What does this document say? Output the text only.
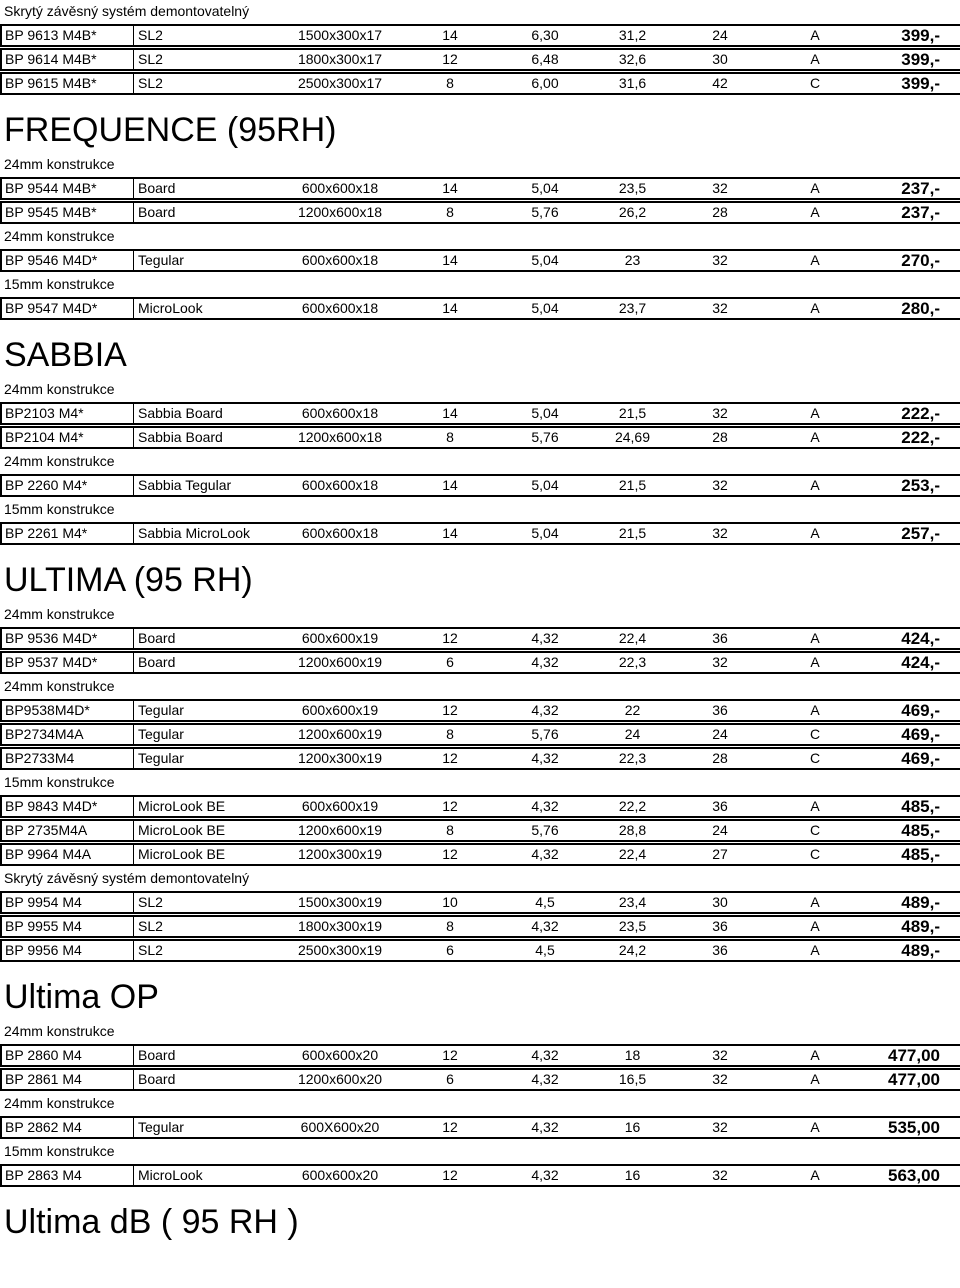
Skrytý závěsný systém demontovatelný
BP 9613 M4B*	SL2	1500x300x17	14	6,30	31,2	24	A	399,-
BP 9614 M4B*	SL2	1800x300x17	12	6,48	32,6	30	A	399,-
BP 9615 M4B*	SL2	2500x300x17	8	6,00	31,6	42	C	399,-
FREQUENCE (95RH)
24mm konstrukce
BP 9544 M4B*	Board	600x600x18	14	5,04	23,5	32	A	237,-
BP 9545 M4B*	Board	1200x600x18	8	5,76	26,2	28	A	237,-
24mm konstrukce
BP 9546 M4D*	Tegular	600x600x18	14	5,04	23	32	A	270,-
15mm konstrukce
BP 9547 M4D*	MicroLook	600x600x18	14	5,04	23,7	32	A	280,-
SABBIA
24mm konstrukce
BP2103 M4*	Sabbia Board	600x600x18	14	5,04	21,5	32	A	222,-
BP2104 M4*	Sabbia Board	1200x600x18	8	5,76	24,69	28	A	222,-
24mm konstrukce
BP 2260 M4*	Sabbia Tegular	600x600x18	14	5,04	21,5	32	A	253,-
15mm konstrukce
BP 2261 M4*	Sabbia MicroLook	600x600x18	14	5,04	21,5	32	A	257,-
ULTIMA (95 RH)
24mm konstrukce
BP 9536 M4D*	Board	600x600x19	12	4,32	22,4	36	A	424,-
BP 9537 M4D*	Board	1200x600x19	6	4,32	22,3	32	A	424,-
24mm konstrukce
BP9538M4D*	Tegular	600x600x19	12	4,32	22	36	A	469,-
BP2734M4A	Tegular	1200x600x19	8	5,76	24	24	C	469,-
BP2733M4	Tegular	1200x300x19	12	4,32	22,3	28	C	469,-
15mm konstrukce
BP 9843 M4D*	MicroLook BE	600x600x19	12	4,32	22,2	36	A	485,-
BP 2735M4A	MicroLook BE	1200x600x19	8	5,76	28,8	24	C	485,-
BP 9964 M4A	MicroLook BE	1200x300x19	12	4,32	22,4	27	C	485,-
Skrytý závěsný systém demontovatelný
BP 9954 M4	SL2	1500x300x19	10	4,5	23,4	30	A	489,-
BP 9955 M4	SL2	1800x300x19	8	4,32	23,5	36	A	489,-
BP 9956 M4	SL2	2500x300x19	6	4,5	24,2	36	A	489,-
Ultima OP
24mm konstrukce
BP 2860 M4	Board	600x600x20	12	4,32	18	32	A	477,00
BP 2861 M4	Board	1200x600x20	6	4,32	16,5	32	A	477,00
24mm konstrukce
BP 2862 M4	Tegular	600X600x20	12	4,32	16	32	A	535,00
15mm konstrukce
BP 2863 M4	MicroLook	600x600x20	12	4,32	16	32	A	563,00
Ultima dB ( 95 RH )
